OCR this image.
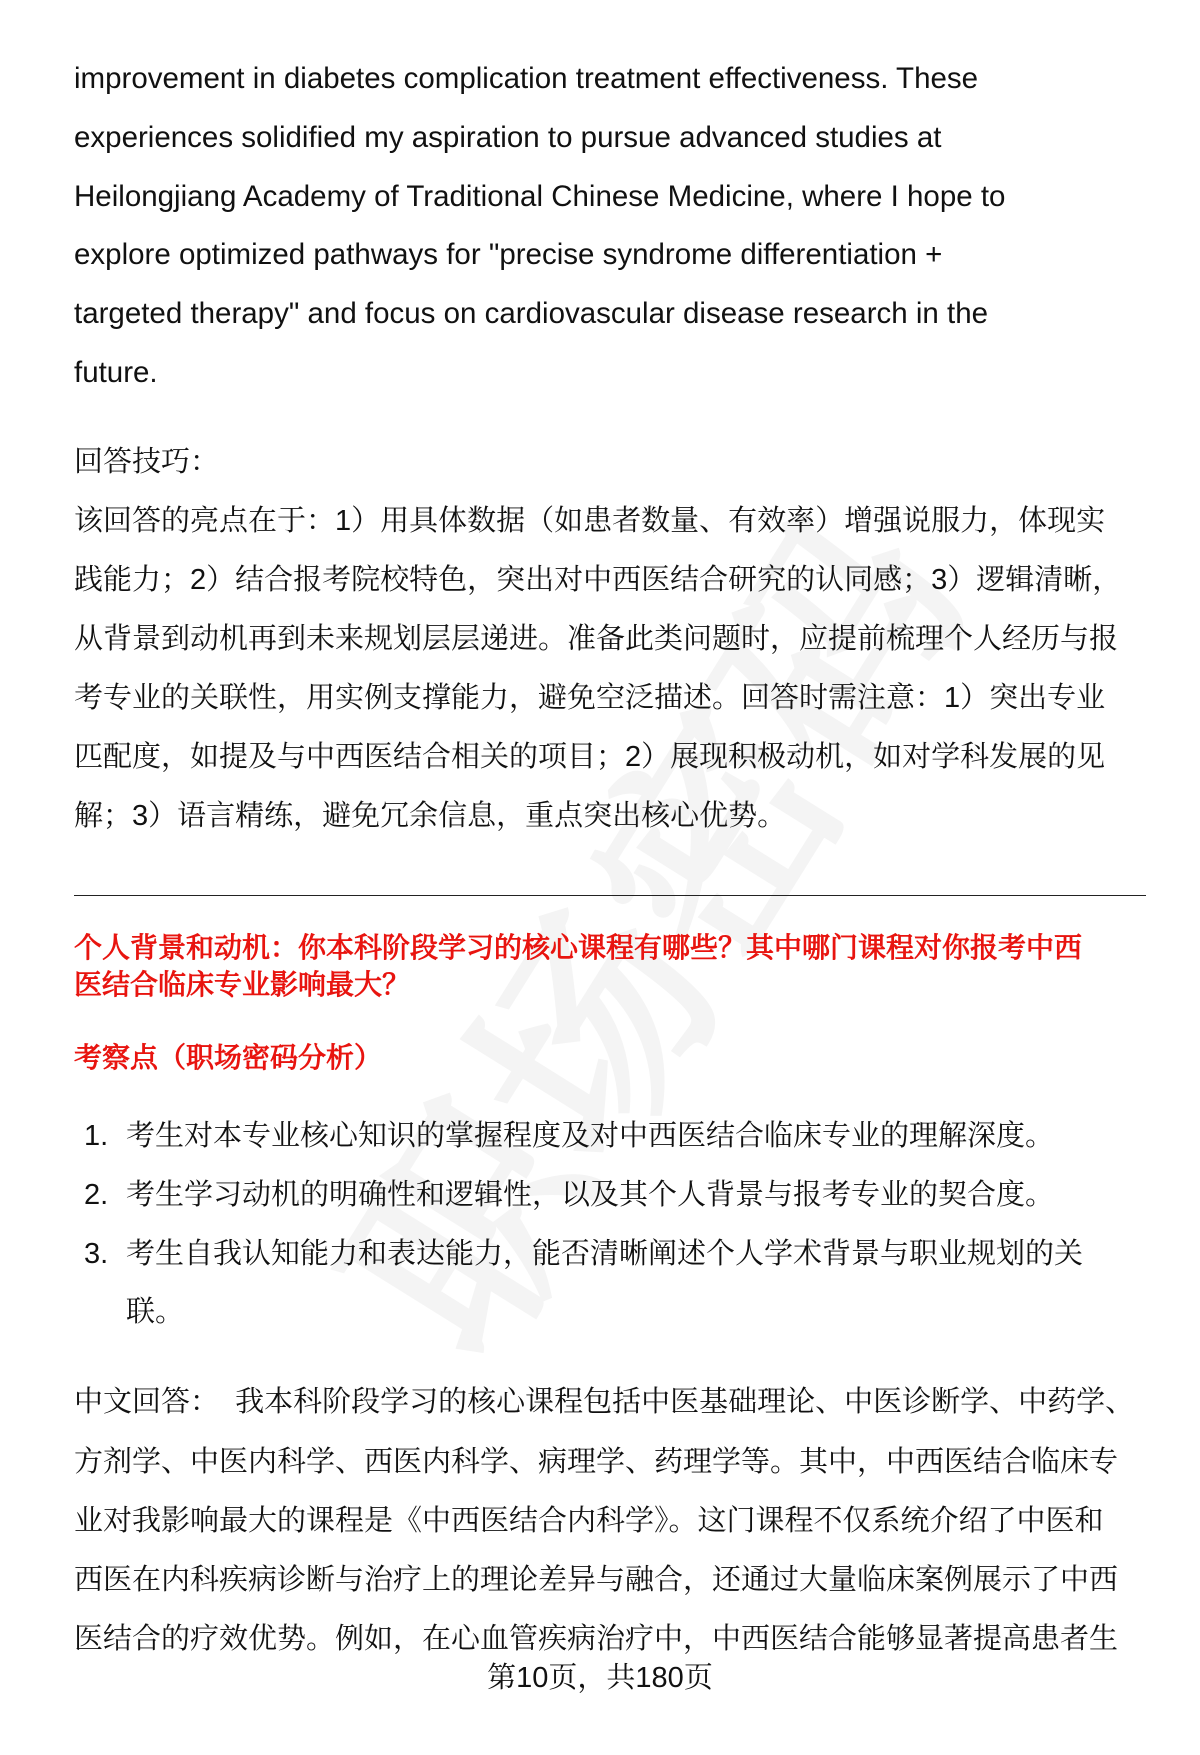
improvement in diabetes complication treatment effectiveness. These
experiences solidified my aspiration to pursue advanced studies at
Heilongjiang Academy of Traditional Chinese Medicine, where I hope to
explore optimized pathways for "precise syndrome differentiation +
targeted therapy" and focus on cardiovascular disease research in the
future.
回答技巧：
该回答的亮点在于：1）用具体数据（如患者数量、有效率）增强说服力，体现实
践能力；2）结合报考院校特色，突出对中西医结合研究的认同感；3）逻辑清晰，
从背景到动机再到未来规划层层递进。准备此类问题时，应提前梳理个人经历与报
考专业的关联性，用实例支撑能力，避免空泛描述。回答时需注意：1）突出专业
匹配度，如提及与中西医结合相关的项目；2）展现积极动机，如对学科发展的见
解；3）语言精练，避免冗余信息，重点突出核心优势。
个人背景和动机：你本科阶段学习的核心课程有哪些？其中哪门课程对你报考中西
医结合临床专业影响最大？
考察点（职场密码分析）
1. 考生对本专业核心知识的掌握程度及对中西医结合临床专业的理解深度。
2. 考生学习动机的明确性和逻辑性，以及其个人背景与报考专业的契合度。
3. 考生自我认知能力和表达能力，能否清晰阐述个人学术背景与职业规划的关
联。
中文回答：  我本科阶段学习的核心课程包括中医基础理论、中医诊断学、中药学、
方剂学、中医内科学、西医内科学、病理学、药理学等。其中，中西医结合临床专
业对我影响最大的课程是《中西医结合内科学》。这门课程不仅系统介绍了中医和
西医在内科疾病诊断与治疗上的理论差异与融合，还通过大量临床案例展示了中西
医结合的疗效优势。例如，在心血管疾病治疗中，中西医结合能够显著提高患者生
第10页，共180页
